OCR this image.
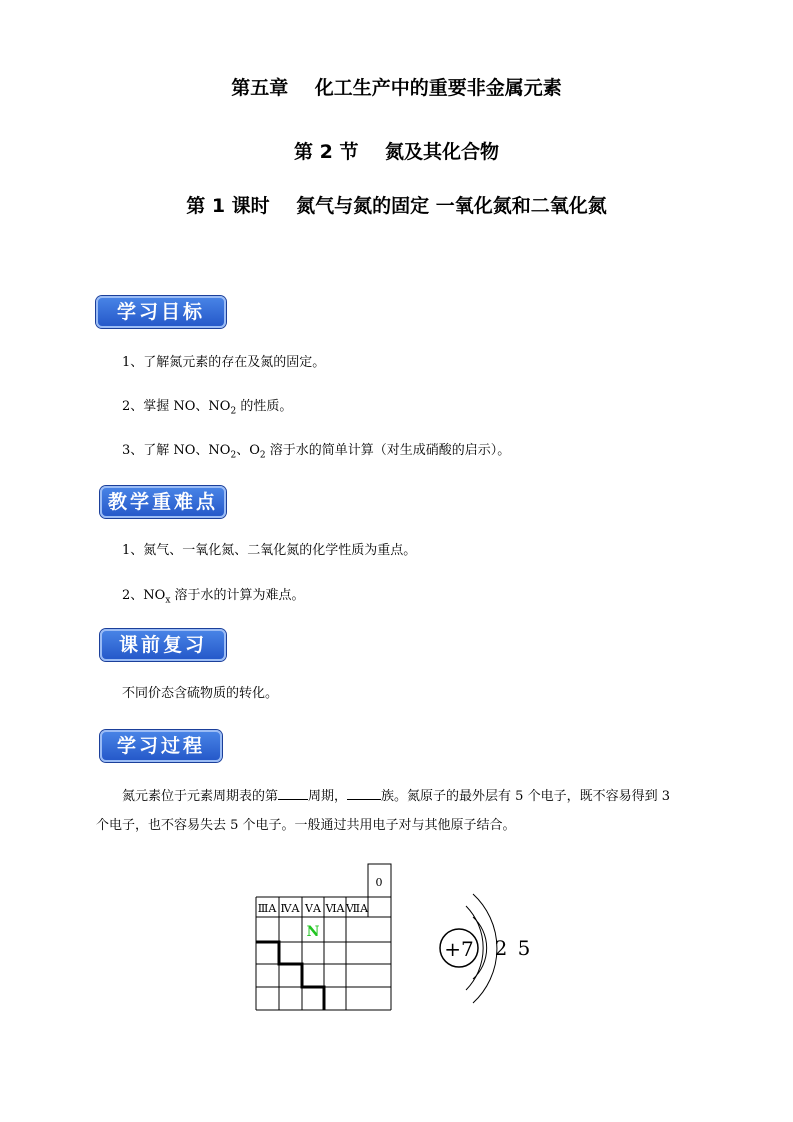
第五章    化工生产中的重要非金属元素
第 2 节    氮及其化合物
第 1 课时    氮气与氮的固定 一氧化氮和二氧化氮
学习目标
1、了解氮元素的存在及氮的固定。
2、掌握 NO、$NO_2$ 的性质。
3、了解 NO、$NO_2$、$O_2$ 溶于水的简单计算（对生成硝酸的启示）。
教学重难点
1、氮气、一氧化氮、二氧化氮的化学性质为重点。
2、$NO_x$ 溶于水的计算为难点。
课前复习
不同价态含硫物质的转化。
学习过程
氮元素位于元素周期表的第 周期，	族。氮原子的最外层有 5 个电子，既不容易得到 3
个电子，也不容易失去 5 个电子。一般通过共用电子对与其他原子结合。
0
ⅢA ⅣA ⅤA ⅥA ⅦA
N
+7 2 5
